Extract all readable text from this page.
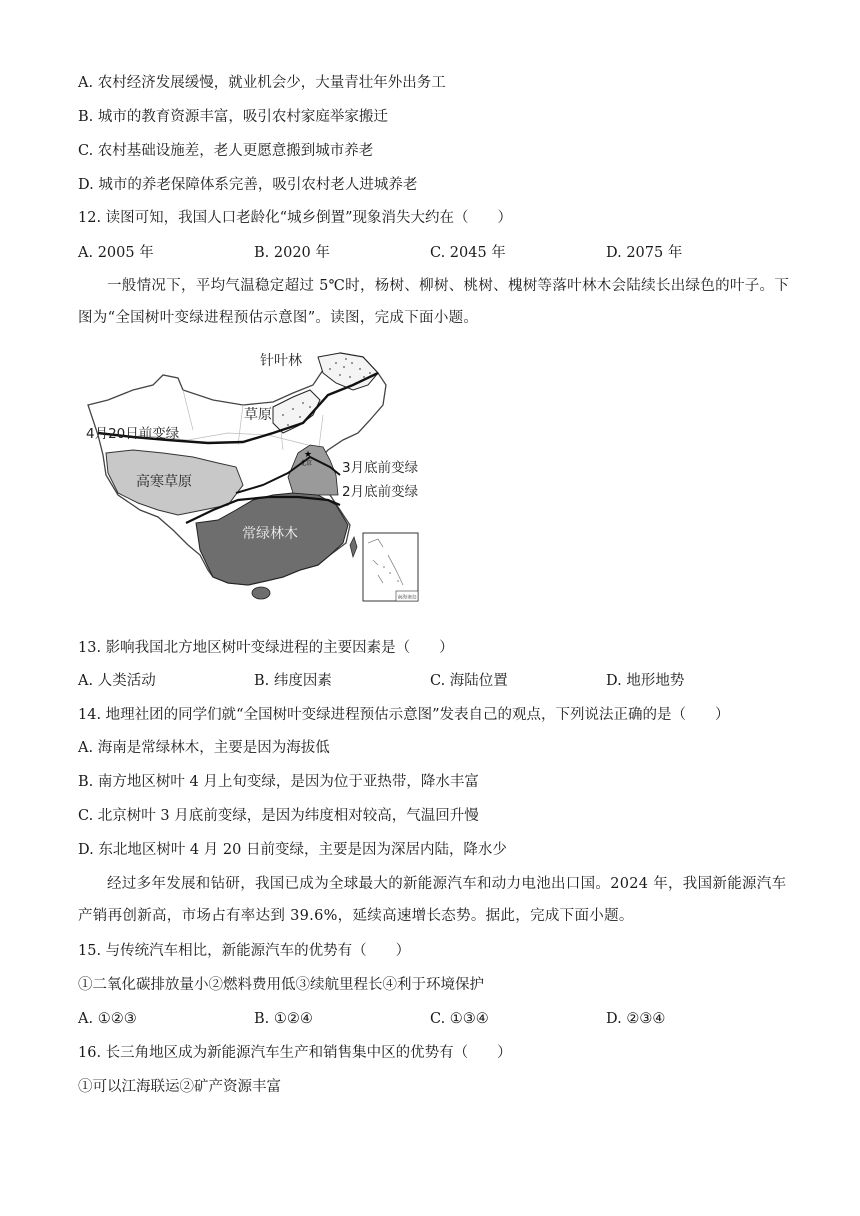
A. 农村经济发展缓慢，就业机会少，大量青壮年外出务工
B. 城市的教育资源丰富，吸引农村家庭举家搬迁
C. 农村基础设施差，老人更愿意搬到城市养老
D. 城市的养老保障体系完善，吸引农村老人进城养老
12. 读图可知，我国人口老龄化“城乡倒置”现象消失大约在（　　）
A. 2005 年	B. 2020 年	C. 2045 年	D. 2075 年
一般情况下，平均气温稳定超过 5℃时，杨树、柳树、桃树、槐树等落叶林木会陆续长出绿色的叶子。下图为“全国树叶变绿进程预估示意图”。读图，完成下面小题。
★
北京
针叶林
草原
4月20日前变绿
高寒草原
3月底前变绿
2月底前变绿
常绿林木
南海诸岛
13. 影响我国北方地区树叶变绿进程的主要因素是（　　）
A. 人类活动	B. 纬度因素	C. 海陆位置	D. 地形地势
14. 地理社团的同学们就“全国树叶变绿进程预估示意图”发表自己的观点，下列说法正确的是（　　）
A. 海南是常绿林木，主要是因为海拔低
B. 南方地区树叶 4 月上旬变绿，是因为位于亚热带，降水丰富
C. 北京树叶 3 月底前变绿，是因为纬度相对较高，气温回升慢
D. 东北地区树叶 4 月 20 日前变绿，主要是因为深居内陆，降水少
经过多年发展和钻研，我国已成为全球最大的新能源汽车和动力电池出口国。2024 年，我国新能源汽车产销再创新高，市场占有率达到 39.6%，延续高速增长态势。据此，完成下面小题。
15. 与传统汽车相比，新能源汽车的优势有（　　）
①二氧化碳排放量小②燃料费用低③续航里程长④利于环境保护
A. ①②③	B. ①②④	C. ①③④	D. ②③④
16. 长三角地区成为新能源汽车生产和销售集中区的优势有（　　）
①可以江海联运②矿产资源丰富
